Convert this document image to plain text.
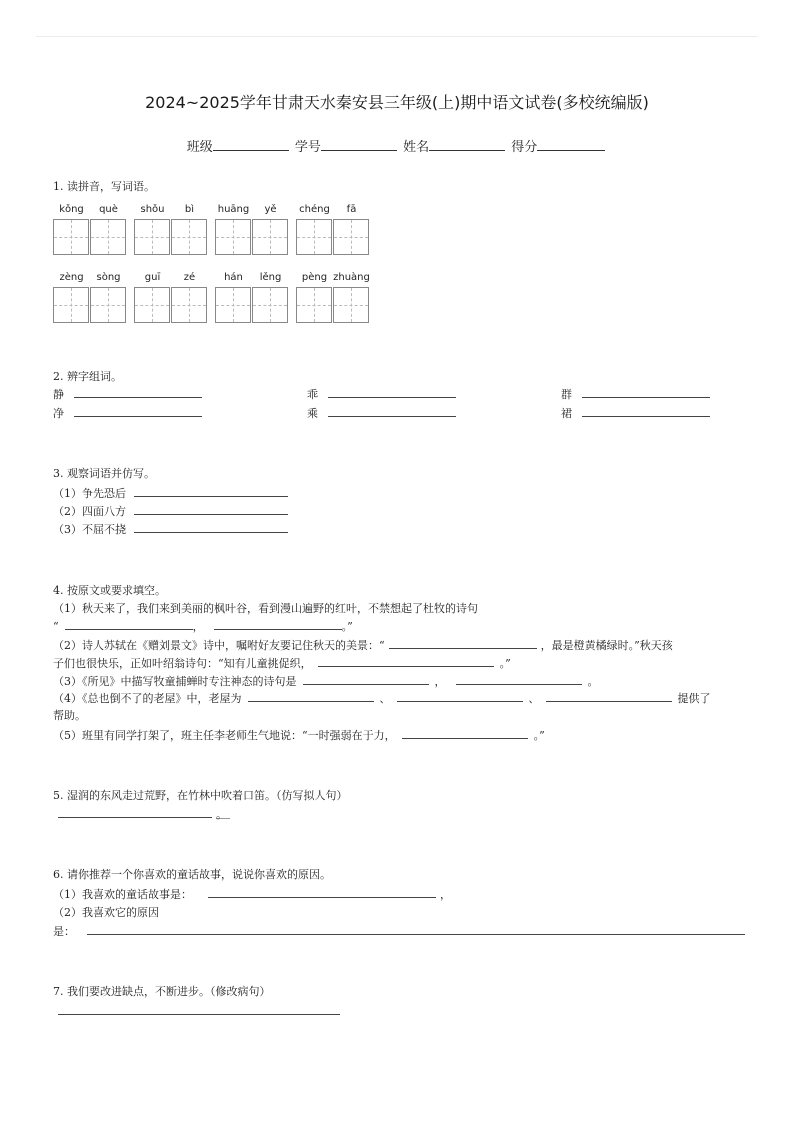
2024~2025学年甘肃天水秦安县三年级(上)期中语文试卷(多校统编版)
班级	学号	姓名	得分
1. 读拼音，写词语。
kǒng	què	shǒu	bì	huāng	yě	chéng	fā
zèng	sòng	guī	zé	hán	lěng	pèng zhuàng
2. 辨字组词。
静	乖	群
净	乘	裙
3. 观察词语并仿写。
（1）争先恐后
（2）四面八方
（3）不屈不挠
4. 按原文或要求填空。
（1）秋天来了，我们来到美丽的枫叶谷，看到漫山遍野的红叶，不禁想起了杜牧的诗句
“	，	。”
（2）诗人苏轼在《赠刘景文》诗中，嘱咐好友要记住秋天的美景：“	，最是橙黄橘绿时。”秋天孩
子们也很快乐，正如叶绍翁诗句：“知有儿童挑促织，	。”
（3）《所见》中描写牧童捕蝉时专注神态的诗句是	，	。
（4）《总也倒不了的老屋》中，老屋为	、	、	提供了
帮助。
（5）班里有同学打架了，班主任李老师生气地说：“一时强弱在于力，	。”
5. 湿润的东风走过荒野，在竹林中吹着口笛。（仿写拟人句）
。
6. 请你推荐一个你喜欢的童话故事，说说你喜欢的原因。
（1）我喜欢的童话故事是：	，
（2）我喜欢它的原因
是：
7. 我们要改进缺点，不断进步。（修改病句）
